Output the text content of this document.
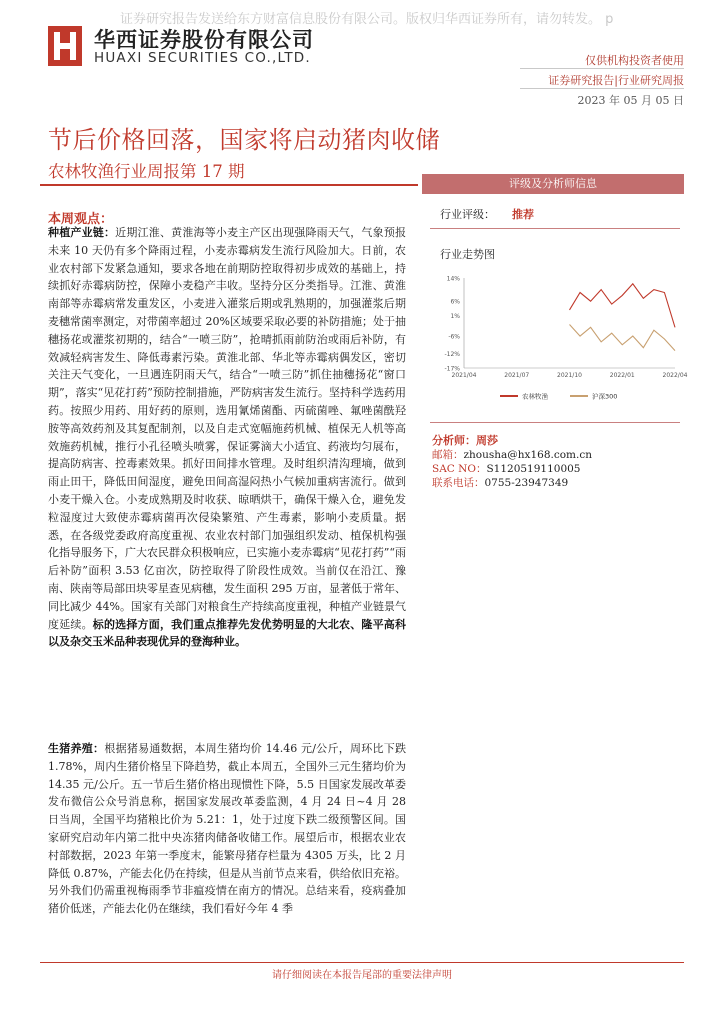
证券研究报告发送给东方财富信息股份有限公司。版权归华西证券所有，请勿转发。 p
华西证券股份有限公司
HUAXI SECURITIES CO.,LTD.	仅供机构投资者使用
证券研究报告|行业研究周报
2023 年 05 月 05 日
节后价格回落，国家将启动猪肉收储
农林牧渔行业周报第 17 期
本周观点：
种植产业链：近期江淮、黄淮海等小麦主产区出现强降雨天气，气象预报未来 10 天仍有多个降雨过程，小麦赤霉病发生流行风险加大。日前，农业农村部下发紧急通知，要求各地在前期防控取得初步成效的基础上，持续抓好赤霉病防控，保障小麦稳产丰收。坚持分区分类指导。江淮、黄淮南部等赤霉病常发重发区，小麦进入灌浆后期或乳熟期的，加强灌浆后期麦穗常菌率测定，对带菌率超过 20%区域要采取必要的补防措施；处于抽穗扬花或灌浆初期的，结合“一喷三防”，抢晴抓雨前防治或雨后补防，有效减轻病害发生、降低毒素污染。黄淮北部、华北等赤霉病偶发区，密切关注天气变化，一旦遇连阴雨天气，结合“一喷三防”抓住抽穗扬花“窗口期”，落实“见花打药”预防控制措施，严防病害发生流行。坚持科学选药用药。按照少用药、用好药的原则，选用氰烯菌酯、丙硫菌唑、氟唑菌酰羟胺等高效药剂及其复配制剂，以及自走式宽幅施药机械、植保无人机等高效施药机械，推行小孔径喷头喷雾，保证雾滴大小适宜、药液均匀展布，提高防病害、控毒素效果。抓好田间排水管理。及时组织清沟理墒，做到雨止田干，降低田间湿度，避免田间高湿闷热小气候加重病害流行。做到小麦干燥入仓。小麦成熟期及时收获、晾晒烘干，确保干燥入仓，避免发粒湿度过大致使赤霉病菌再次侵染繁殖、产生毒素，影响小麦质量。据悉，在各级党委政府高度重视、农业农村部门加强组织发动、植保机构强化指导服务下，广大农民群众积极响应，已实施小麦赤霉病“见花打药”“雨后补防”面积 3.53 亿亩次，防控取得了阶段性成效。当前仅在沿江、豫南、陕南等局部田块零星查见病穗，发生面积 295 万亩，显著低于常年、同比减少 44%。国家有关部门对粮食生产持续高度重视，种植产业链景气度延续。标的选择方面，我们重点推荐先发优势明显的大北农、隆平高科以及杂交玉米品种表现优异的登海种业。
生猪养殖：根据猪易通数据，本周生猪均价 14.46 元/公斤，周环比下跌 1.78%，周内生猪价格呈下降趋势，截止本周五，全国外三元生猪均价为 14.35 元/公斤。五一节后生猪价格出现惯性下降，5.5 日国家发展改革委发布微信公众号消息称，据国家发展改革委监测，4 月 24 日~4 月 28 日当周，全国平均猪粮比价为 5.21：1，处于过度下跌二级预警区间。国家研究启动年内第二批中央冻猪肉储备收储工作。展望后市，根据农业农村部数据，2023 年第一季度末，能繁母猪存栏量为 4305 万头，比 2 月降低 0.87%，产能去化仍在持续，但是从当前节点来看，供给依旧充裕。另外我们仍需重视梅雨季节非瘟疫情在南方的情况。总结来看，疫病叠加猪价低迷，产能去化仍在继续，我们看好今年 4 季
评级及分析师信息
行业评级： 推荐
行业走势图
14%
6%
1%
-6%
-12%
-17%
2021/04	2021/07	2021/10	2022/01	2022/04
农林牧渔	沪深300
分析师：周莎
邮箱：zhousha@hx168.com.cn
SAC NO：S1120519110005
联系电话：0755-23947349
请仔细阅读在本报告尾部的重要法律声明
